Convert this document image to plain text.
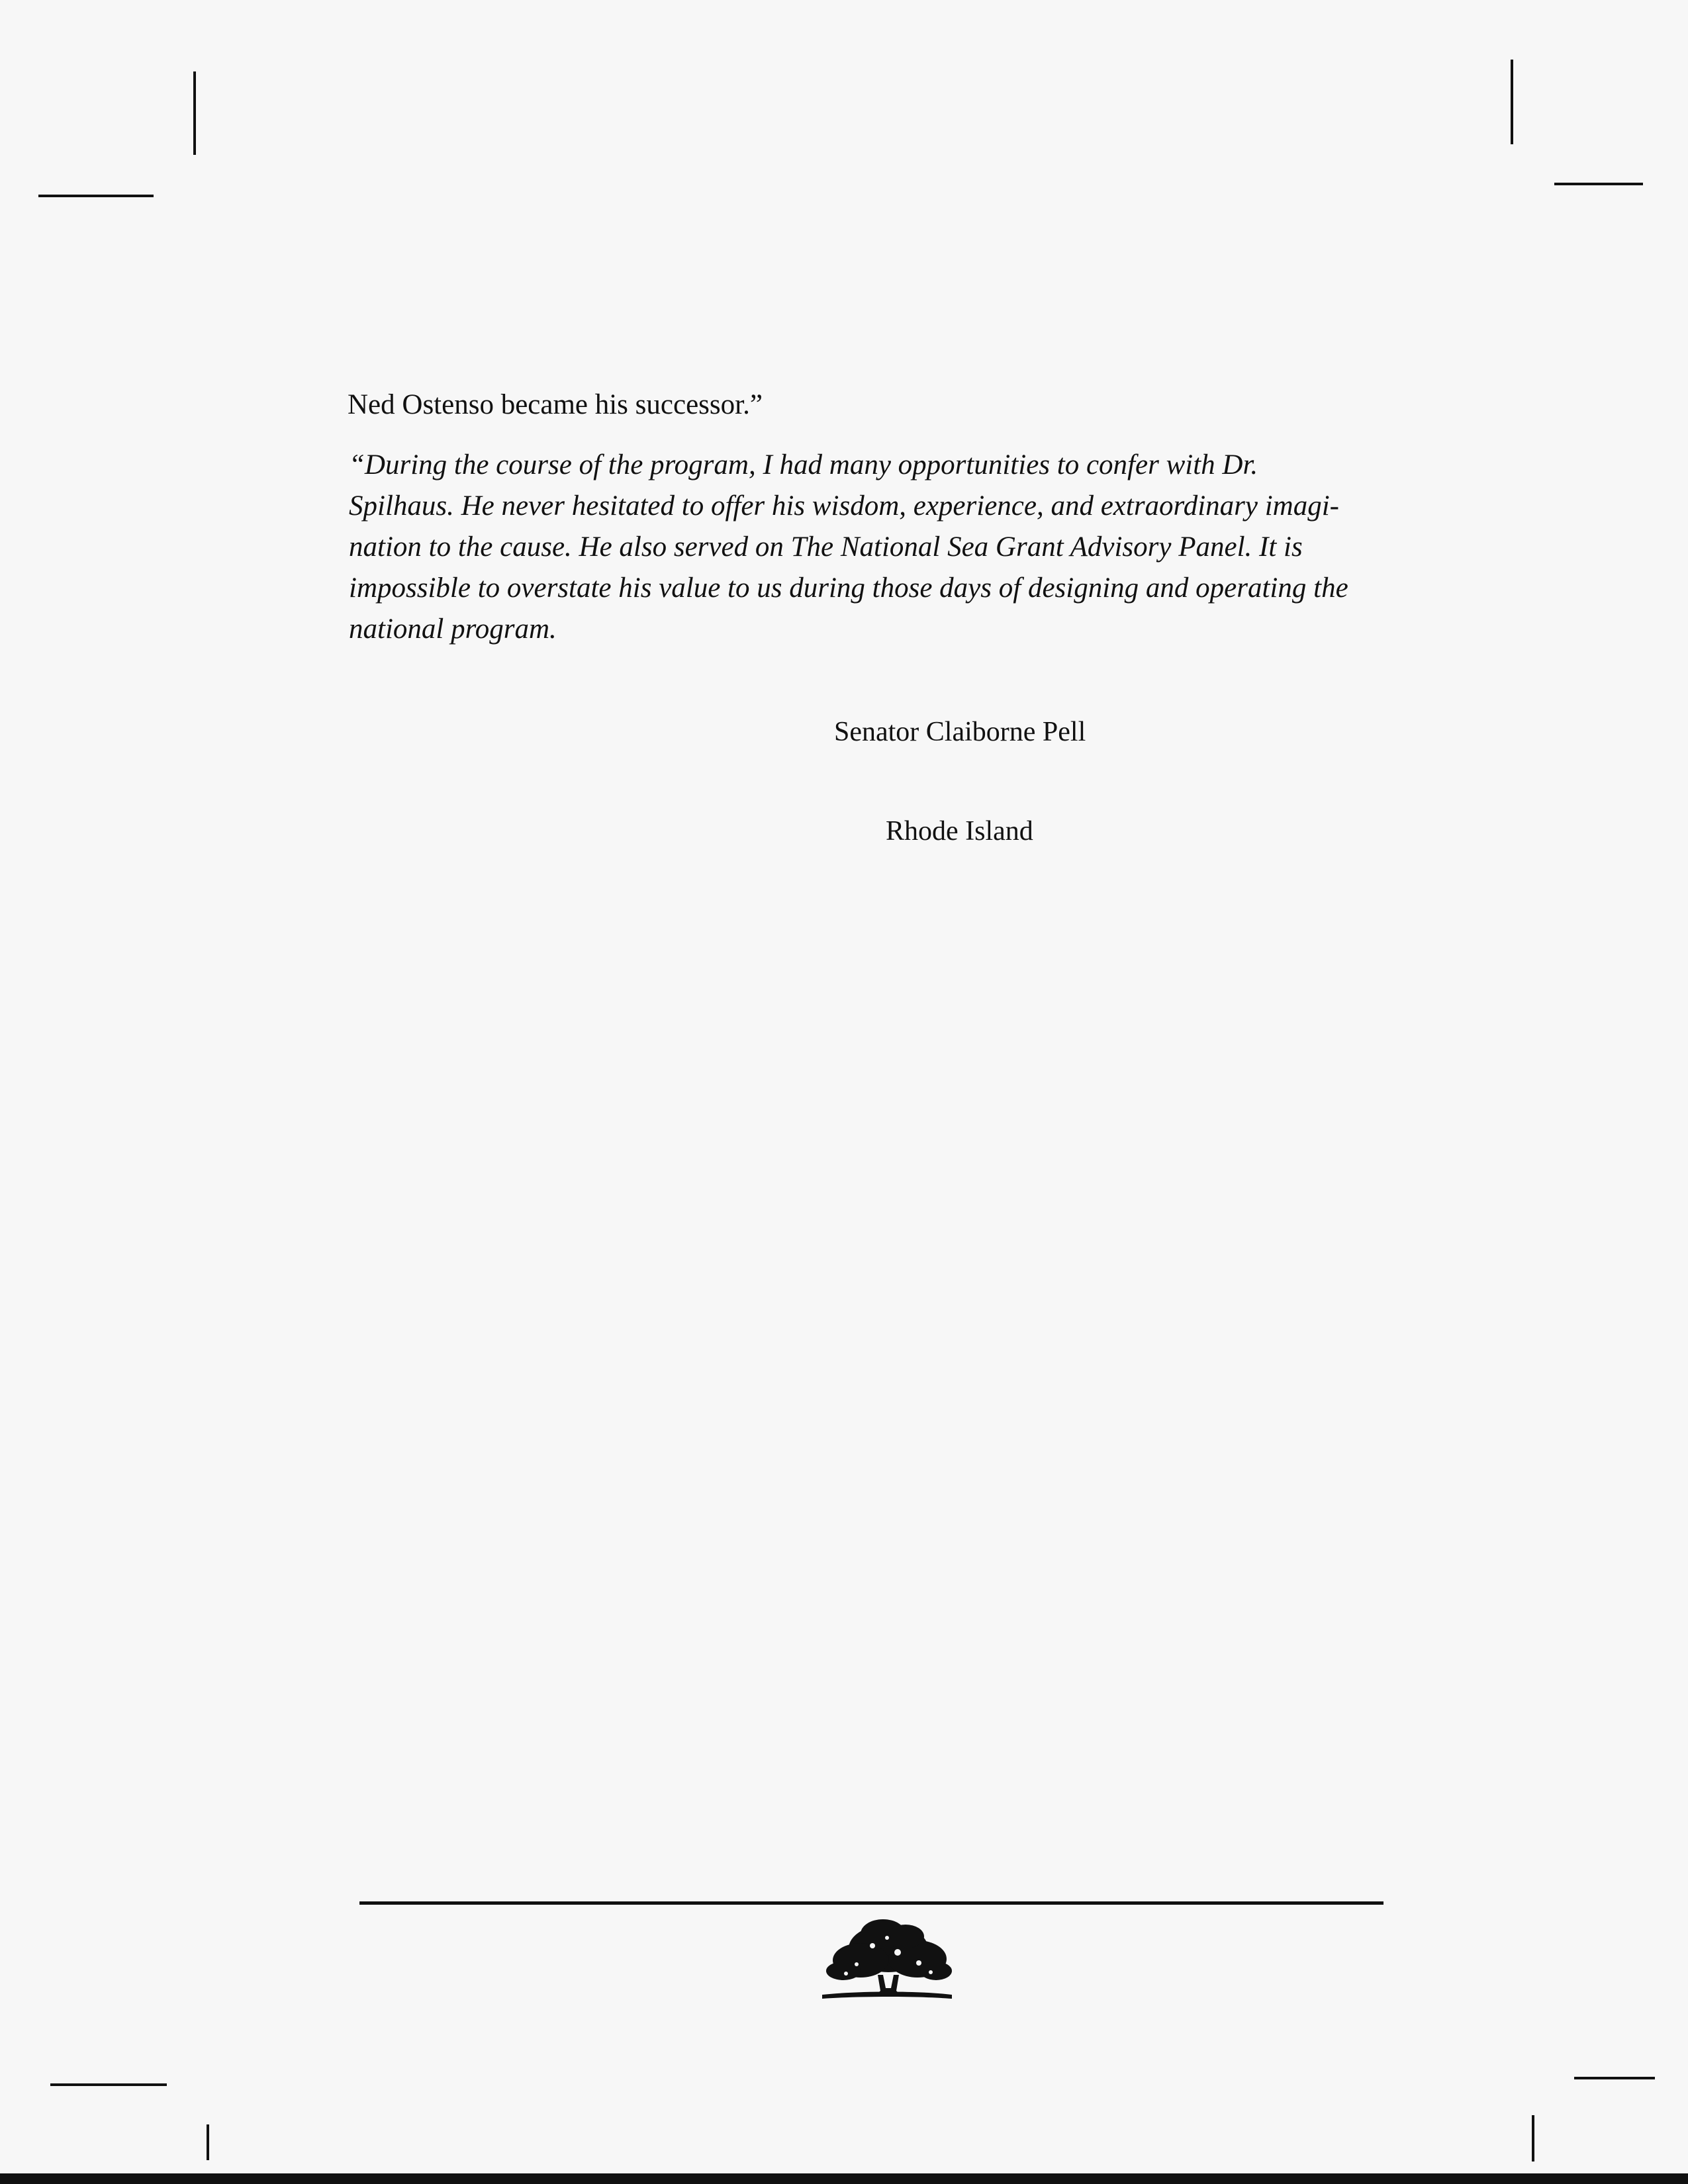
Ned Ostenso became his successor.”
“During the course of the program, I had many opportunities to confer with Dr.
Spilhaus. He never hesitated to offer his wisdom, experience, and extraordinary imagi-
nation to the cause. He also served on The National Sea Grant Advisory Panel. It is
impossible to overstate his value to us during those days of designing and operating the
national program.
Senator Claiborne Pell
Rhode Island
